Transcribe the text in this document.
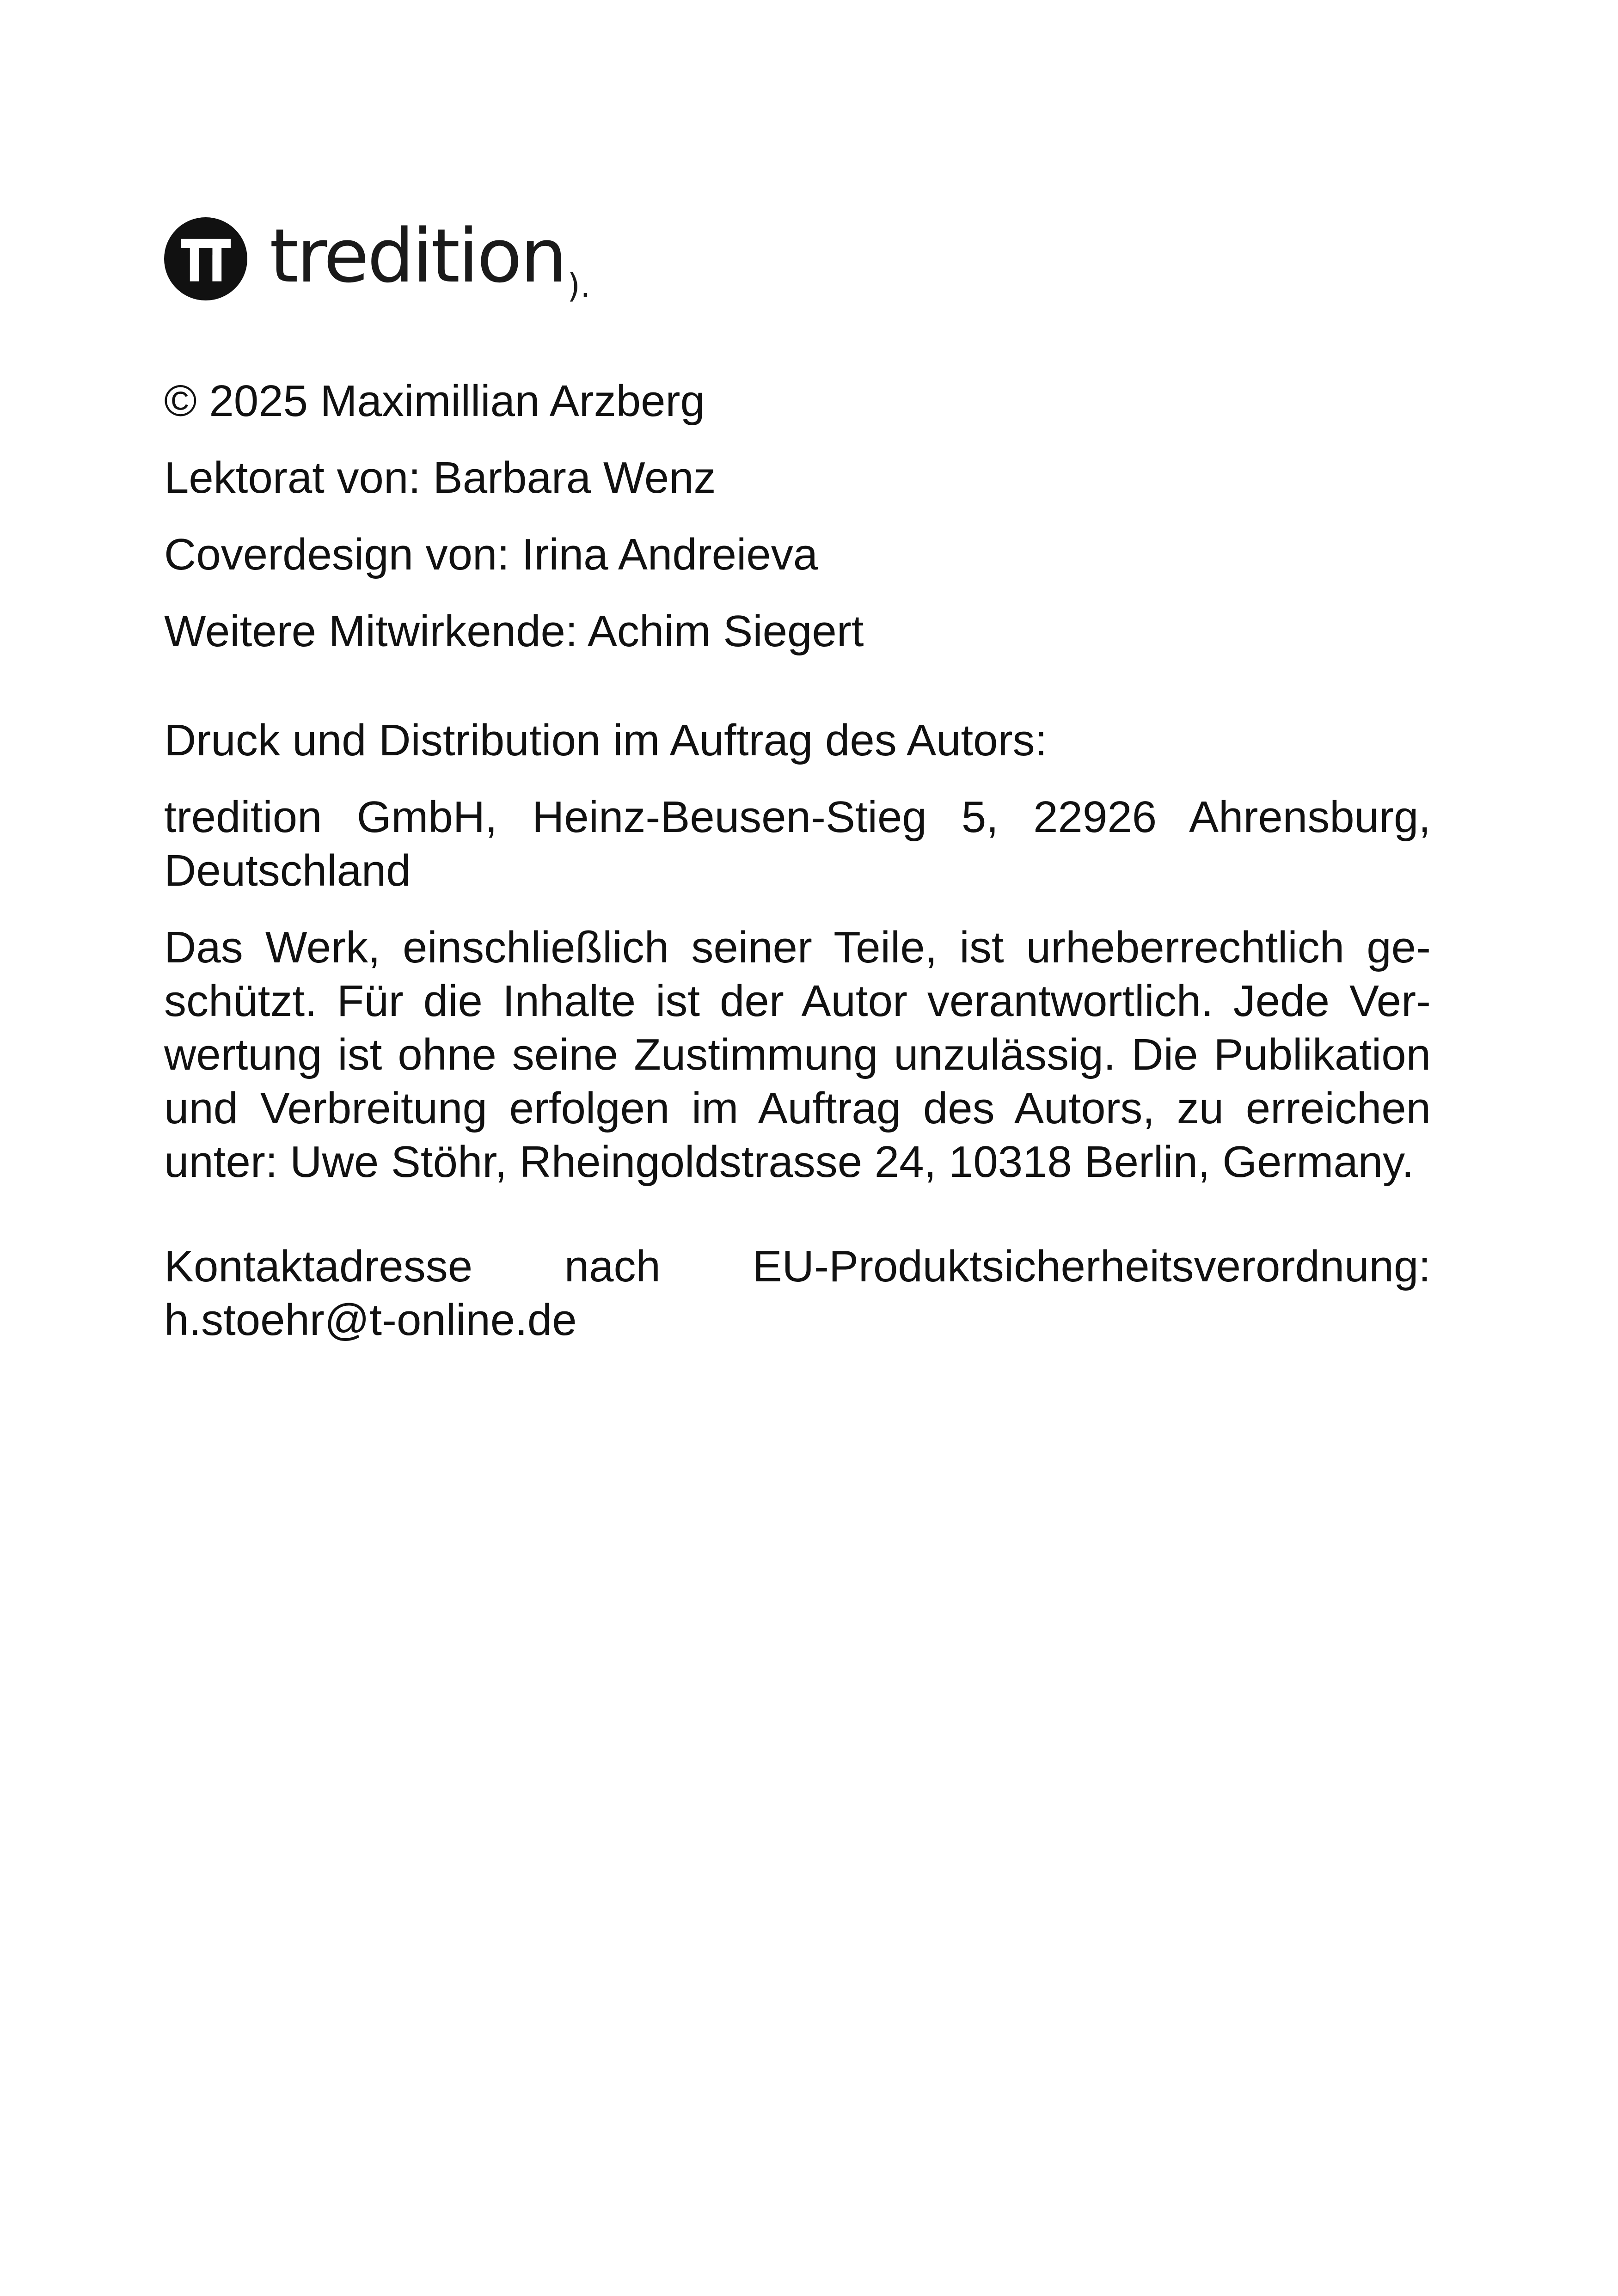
tredition ).

© 2025 Maximillian Arzberg

Lektorat von: Barbara Wenz

Coverdesign von: Irina Andreieva

Weitere Mitwirkende: Achim Siegert

Druck und Distribution im Auftrag des Autors:

tredition GmbH, Heinz-Beusen-Stieg 5, 22926 Ahrensburg,
Deutschland

Das Werk, einschließlich seiner Teile, ist urheberrechtlich geschützt. Für die Inhalte ist der Autor verantwortlich. Jede Verwertung ist ohne seine Zustimmung unzulässig. Die Publikation und Verbreitung erfolgen im Auftrag des Autors, zu erreichen unter: Uwe Stöhr, Rheingoldstrasse 24, 10318 Berlin, Germany.

Kontaktadresse nach EU-Produktsicherheitsverordnung:
h.stoehr@t-online.de
